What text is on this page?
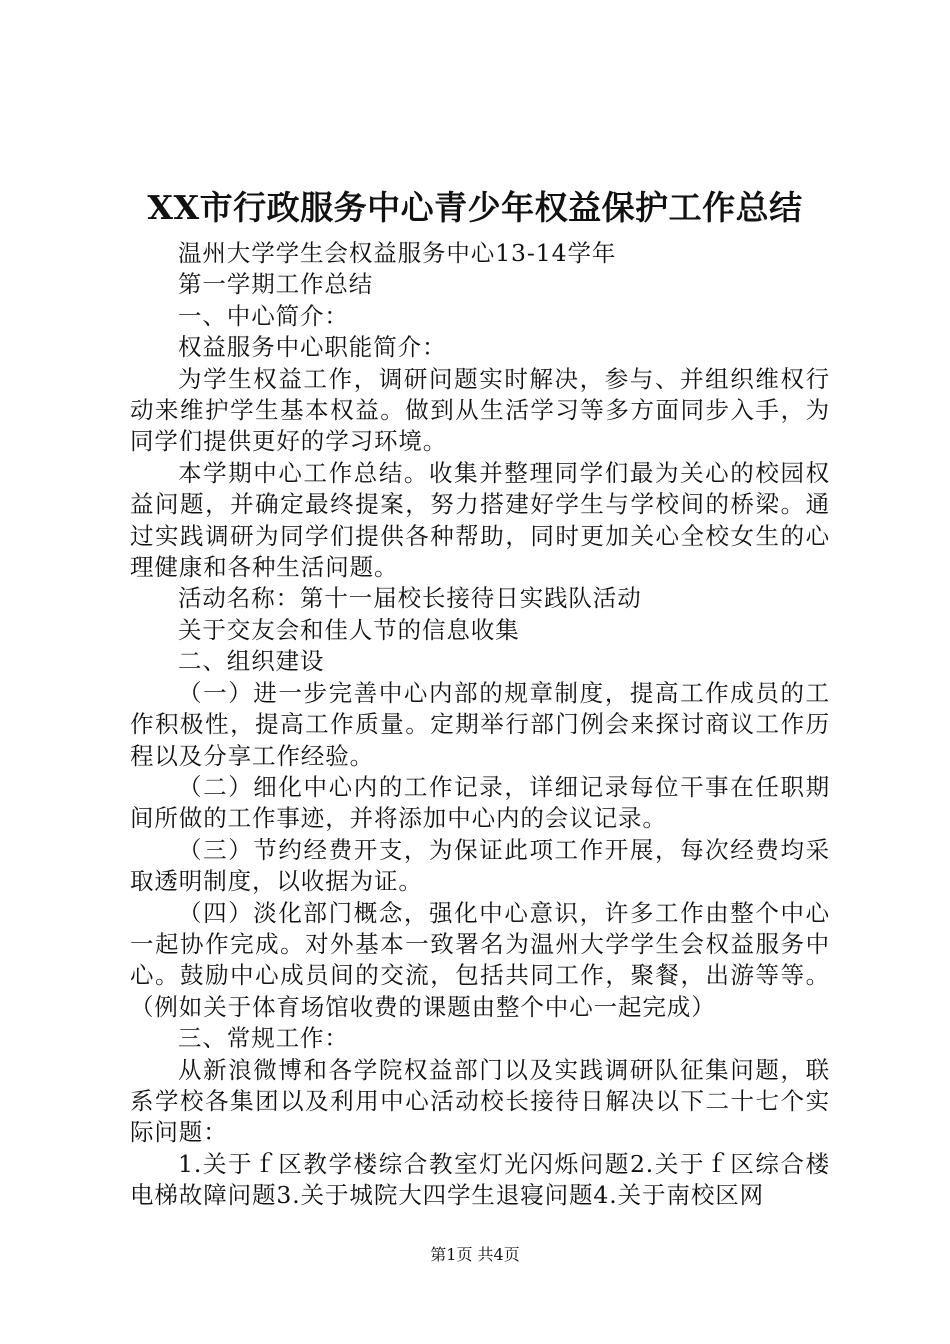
XX市行政服务中心青少年权益保护工作总结

温州大学学生会权益服务中心13-14学年

第一学期工作总结

一、中心简介：

权益服务中心职能简介：

为学生权益工作，调研问题实时解决，参与、并组织维权行动来维护学生基本权益。做到从生活学习等多方面同步入手，为同学们提供更好的学习环境。

本学期中心工作总结。收集并整理同学们最为关心的校园权益问题，并确定最终提案，努力搭建好学生与学校间的桥梁。通过实践调研为同学们提供各种帮助，同时更加关心全校女生的心理健康和各种生活问题。

活动名称：第十一届校长接待日实践队活动

关于交友会和佳人节的信息收集

二、组织建设

（一）进一步完善中心内部的规章制度，提高工作成员的工作积极性，提高工作质量。定期举行部门例会来探讨商议工作历程以及分享工作经验。

（二）细化中心内的工作记录，详细记录每位干事在任职期间所做的工作事迹，并将添加中心内的会议记录。

（三）节约经费开支，为保证此项工作开展，每次经费均采取透明制度，以收据为证。

（四）淡化部门概念，强化中心意识，许多工作由整个中心一起协作完成。对外基本一致署名为温州大学学生会权益服务中心。鼓励中心成员间的交流，包括共同工作，聚餐，出游等等。（例如关于体育场馆收费的课题由整个中心一起完成）

三、常规工作：

从新浪微博和各学院权益部门以及实践调研队征集问题，联系学校各集团以及利用中心活动校长接待日解决以下二十七个实际问题：

1.关于ｆ区教学楼综合教室灯光闪烁问题2.关于ｆ区综合楼电梯故障问题3.关于城院大四学生退寝问题4.关于南校区网

第1页 共4页
